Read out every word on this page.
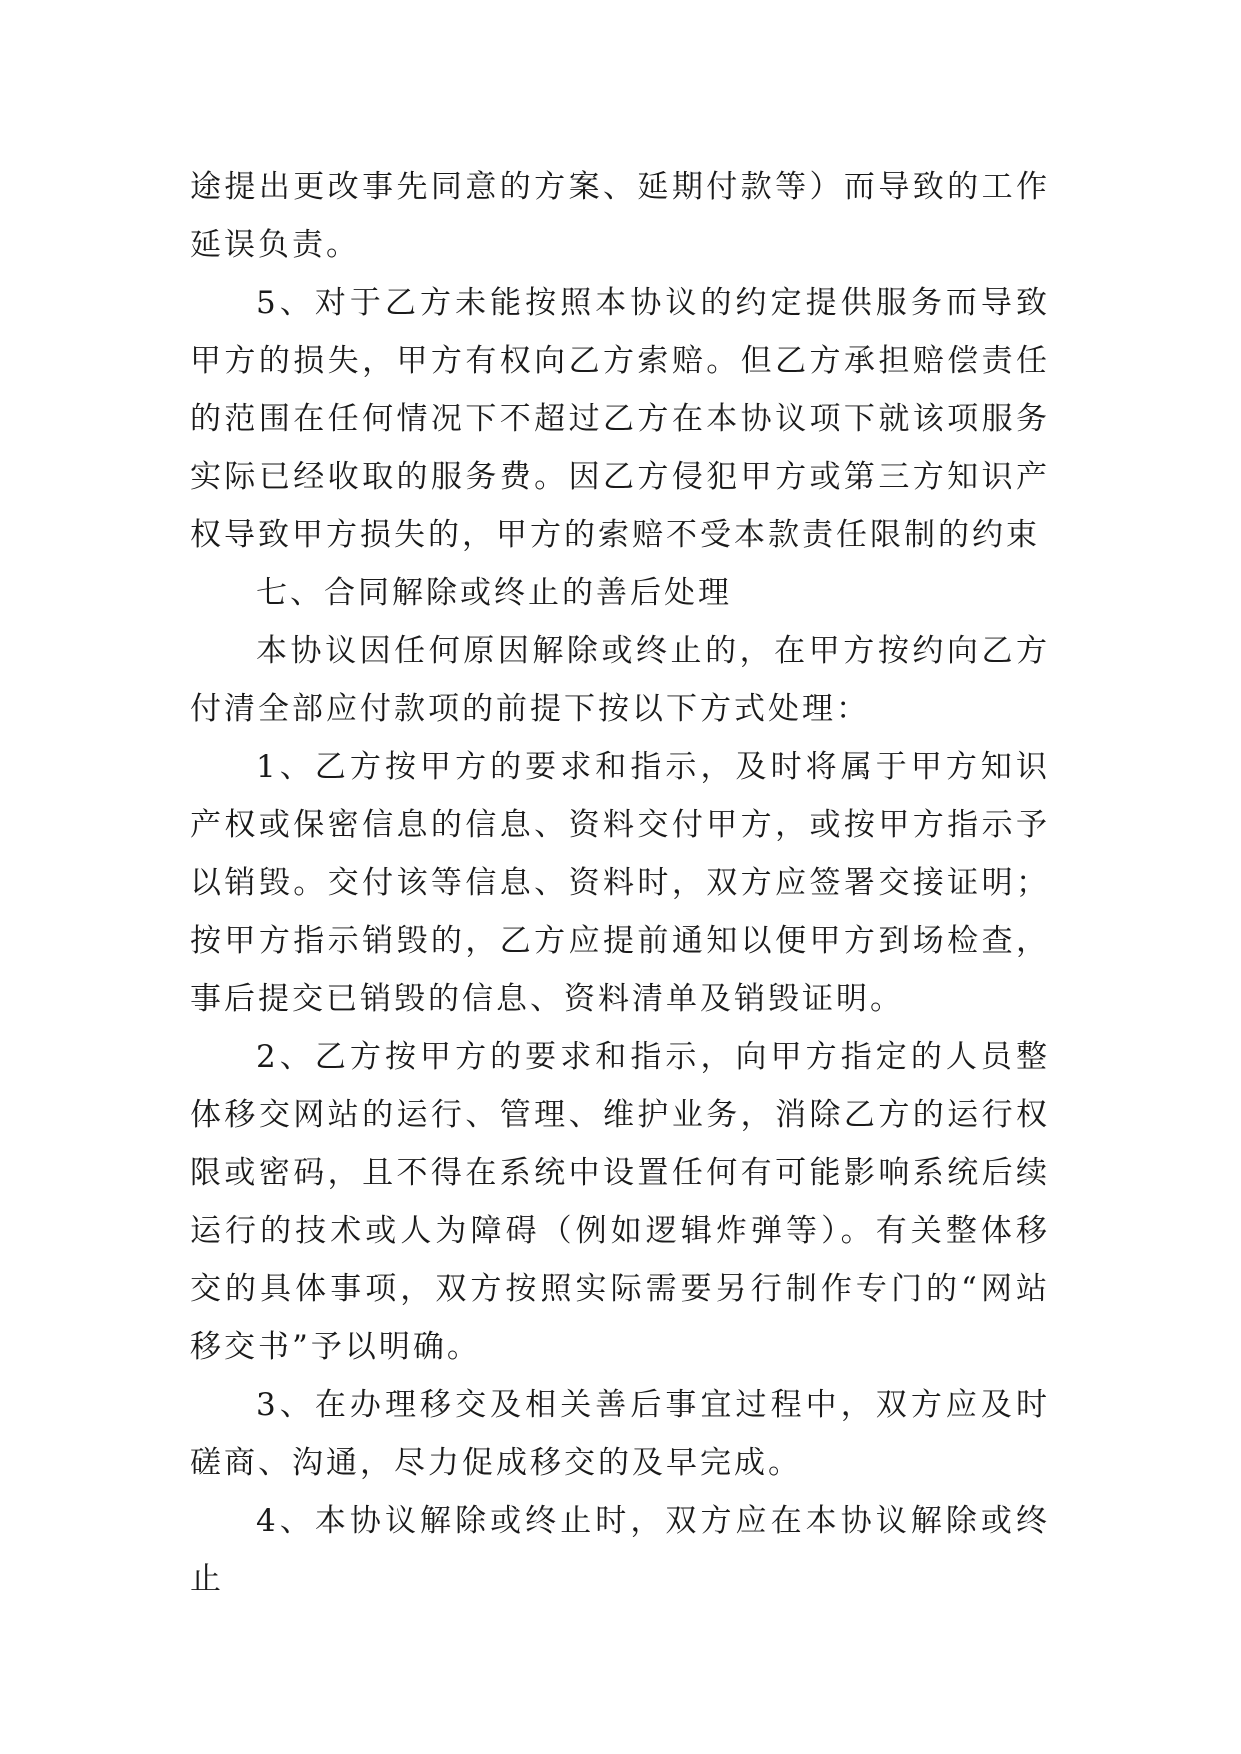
途提出更改事先同意的方案、延期付款等）而导致的工作延误负责。

5、对于乙方未能按照本协议的约定提供服务而导致甲方的损失，甲方有权向乙方索赔。但乙方承担赔偿责任的范围在任何情况下不超过乙方在本协议项下就该项服务实际已经收取的服务费。因乙方侵犯甲方或第三方知识产权导致甲方损失的，甲方的索赔不受本款责任限制的约束

七、合同解除或终止的善后处理

本协议因任何原因解除或终止的，在甲方按约向乙方付清全部应付款项的前提下按以下方式处理：

1、乙方按甲方的要求和指示，及时将属于甲方知识产权或保密信息的信息、资料交付甲方，或按甲方指示予以销毁。交付该等信息、资料时，双方应签署交接证明；按甲方指示销毁的，乙方应提前通知以便甲方到场检查，事后提交已销毁的信息、资料清单及销毁证明。

2、乙方按甲方的要求和指示，向甲方指定的人员整体移交网站的运行、管理、维护业务，消除乙方的运行权限或密码，且不得在系统中设置任何有可能影响系统后续运行的技术或人为障碍（例如逻辑炸弹等）。有关整体移交的具体事项，双方按照实际需要另行制作专门的“网站移交书”予以明确。

3、在办理移交及相关善后事宜过程中，双方应及时磋商、沟通，尽力促成移交的及早完成。

4、本协议解除或终止时，双方应在本协议解除或终止
